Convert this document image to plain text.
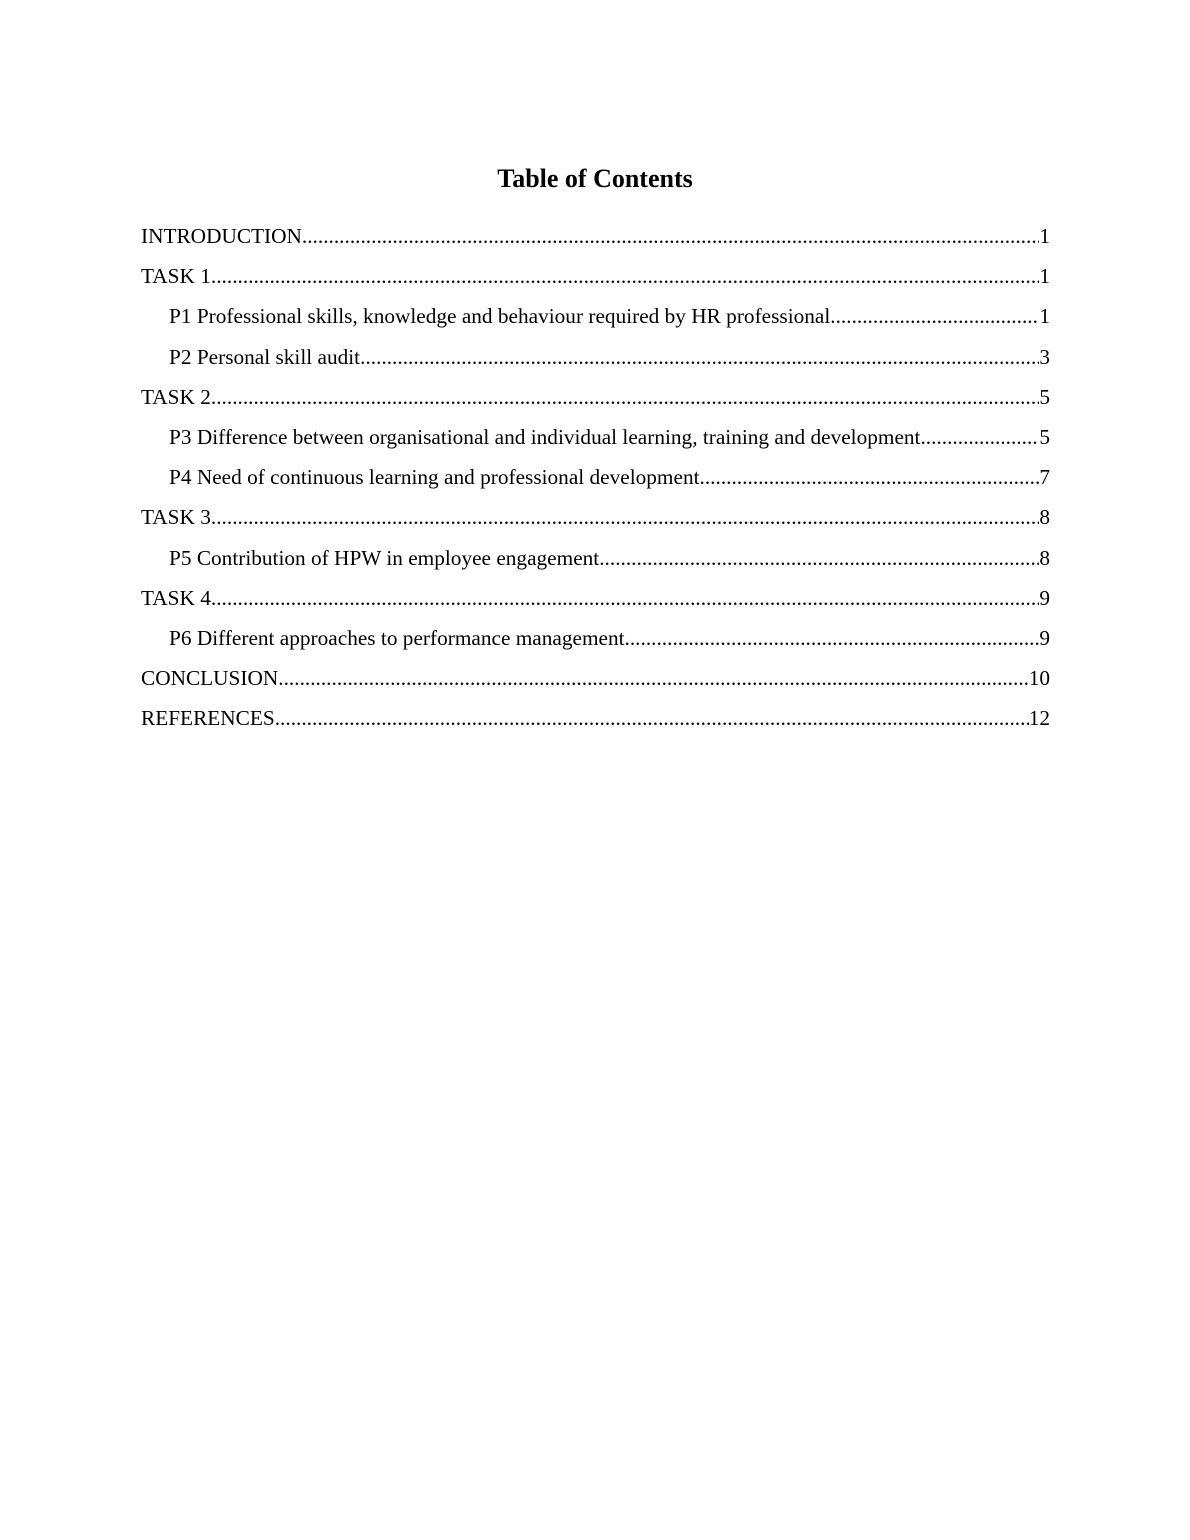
Table of Contents
INTRODUCTION .....	1
TASK 1 .....	1
P1 Professional skills, knowledge and behaviour required by HR professional .....	1
P2 Personal skill audit .....	3
TASK 2 .....	5
P3 Difference between organisational and individual learning, training and development .....	5
P4 Need of continuous learning and professional development .....	7
TASK 3 .....	8
P5 Contribution of HPW in employee engagement .....	8
TASK 4 .....	9
P6 Different approaches to performance management .....	9
CONCLUSION .....	10
REFERENCES .....	12
